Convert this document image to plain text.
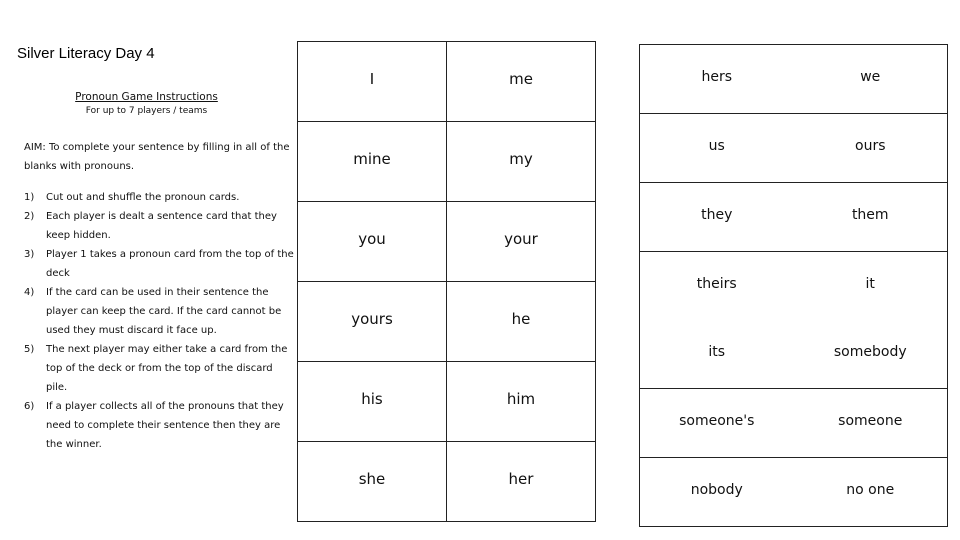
Silver Literacy Day 4
Pronoun Game Instructions
For up to 7 players / teams
AIM: To complete your sentence by filling in all of the blanks with pronouns.
1) Cut out and shuffle the pronoun cards.
2) Each player is dealt a sentence card that they keep hidden.
3) Player 1 takes a pronoun card from the top of the deck
4) If the card can be used in their sentence the player can keep the card. If the card cannot be used they must discard it face up.
5) The next player may either take a card from the top of the deck or from the top of the discard pile.
6) If a player collects all of the pronouns that they need to complete their sentence then they are the winner.
I	me
mine	my
you	your
yours	he
his	him
she	her
hers	we
us	ours
they	them
theirs	it
its	somebody
someone's	someone
nobody	no one
